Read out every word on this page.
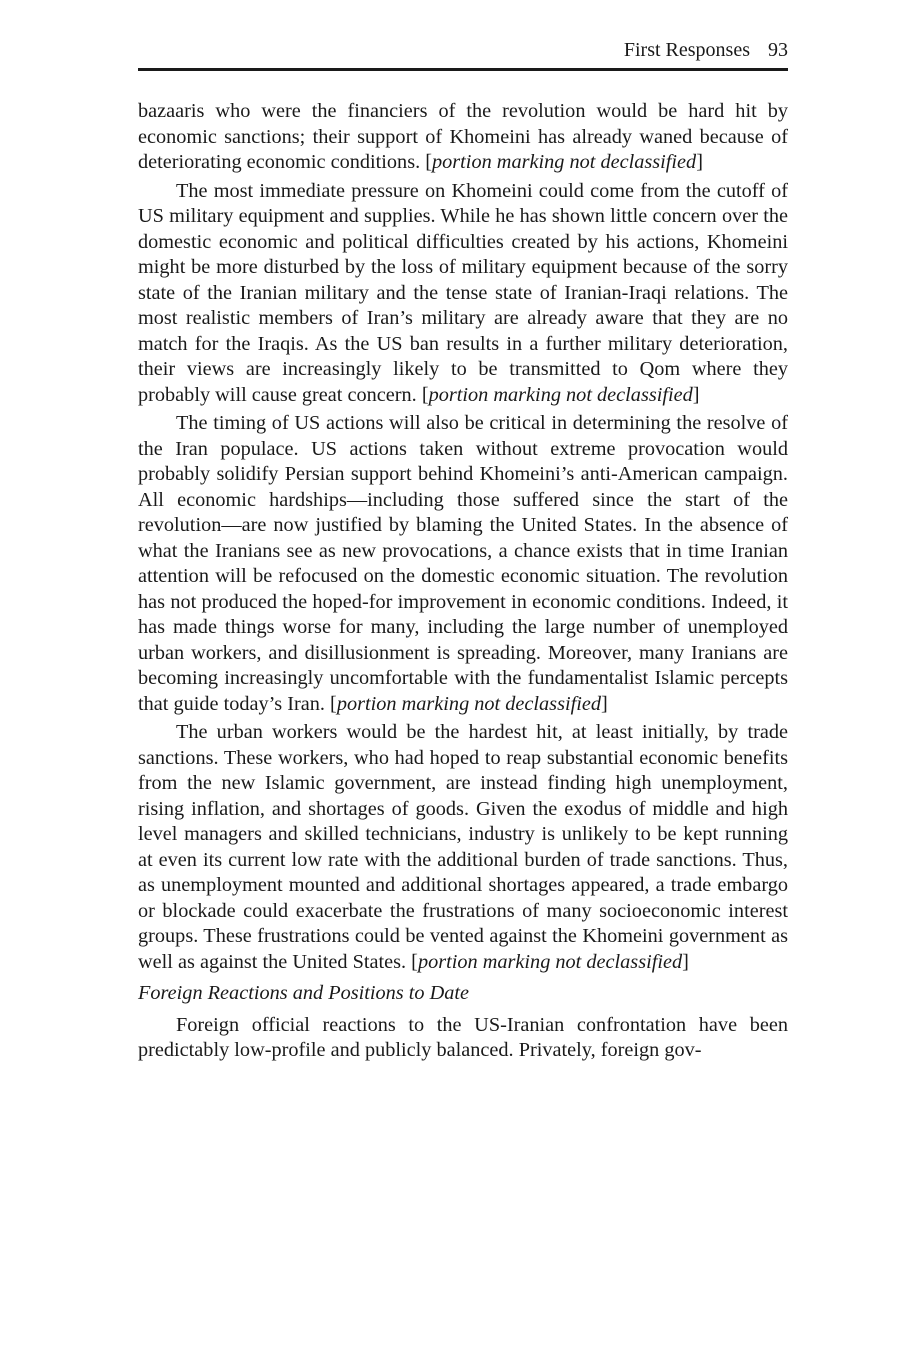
First Responses 93

bazaaris who were the financiers of the revolution would be hard hit by economic sanctions; their support of Khomeini has already waned because of deteriorating economic conditions. [portion marking not declassified]

The most immediate pressure on Khomeini could come from the cutoff of US military equipment and supplies. While he has shown little concern over the domestic economic and political difficulties created by his actions, Khomeini might be more disturbed by the loss of military equipment because of the sorry state of the Iranian military and the tense state of Iranian-Iraqi relations. The most realistic members of Iran’s military are already aware that they are no match for the Iraqis. As the US ban results in a further military deterioration, their views are increasingly likely to be transmitted to Qom where they probably will cause great concern. [portion marking not declassified]

The timing of US actions will also be critical in determining the resolve of the Iran populace. US actions taken without extreme provocation would probably solidify Persian support behind Khomeini’s anti-American campaign. All economic hardships—including those suffered since the start of the revolution—are now justified by blaming the United States. In the absence of what the Iranians see as new provocations, a chance exists that in time Iranian attention will be refocused on the domestic economic situation. The revolution has not produced the hoped-for improvement in economic conditions. Indeed, it has made things worse for many, including the large number of unemployed urban workers, and disillusionment is spreading. Moreover, many Iranians are becoming increasingly uncomfortable with the fundamentalist Islamic percepts that guide today’s Iran. [portion marking not declassified]

The urban workers would be the hardest hit, at least initially, by trade sanctions. These workers, who had hoped to reap substantial economic benefits from the new Islamic government, are instead finding high unemployment, rising inflation, and shortages of goods. Given the exodus of middle and high level managers and skilled technicians, industry is unlikely to be kept running at even its current low rate with the additional burden of trade sanctions. Thus, as unemployment mounted and additional shortages appeared, a trade embargo or blockade could exacerbate the frustrations of many socioeconomic interest groups. These frustrations could be vented against the Khomeini government as well as against the United States. [portion marking not declassified]

Foreign Reactions and Positions to Date

Foreign official reactions to the US-Iranian confrontation have been predictably low-profile and publicly balanced. Privately, foreign gov-
